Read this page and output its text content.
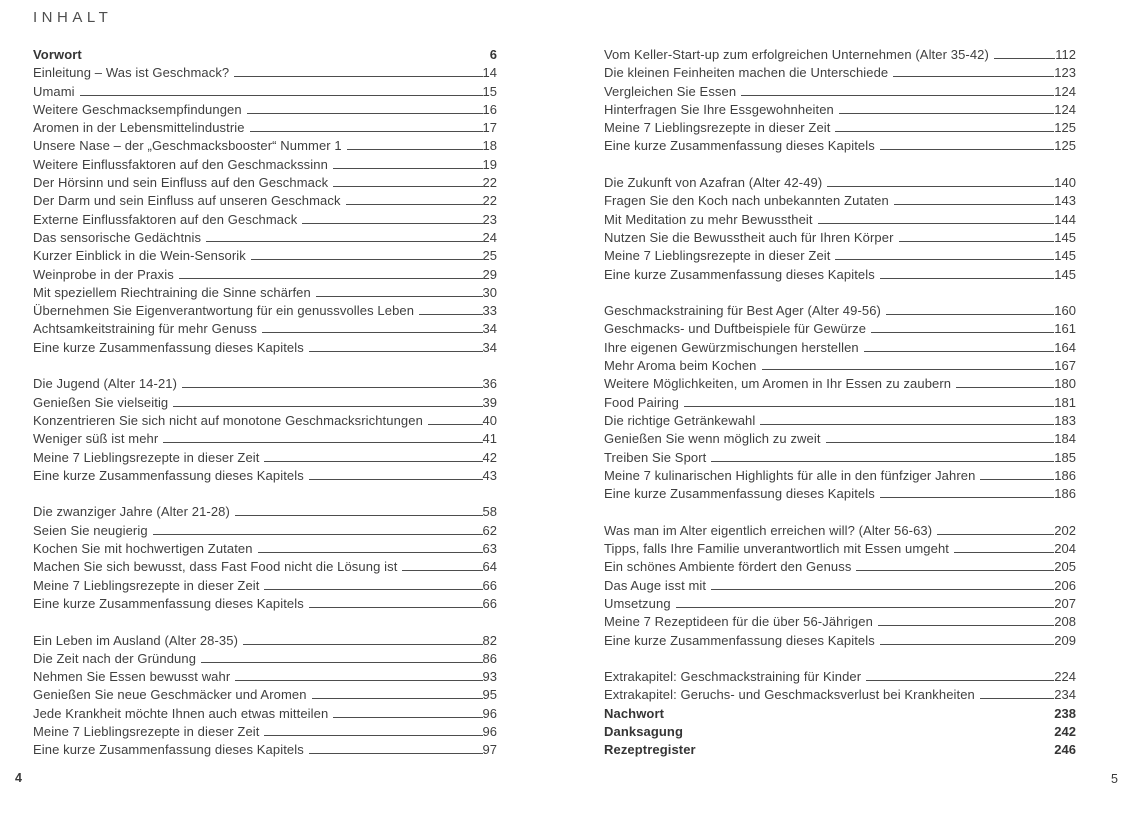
INHALT
Vorwort	6
Einleitung – Was ist Geschmack?	14
Umami	15
Weitere Geschmacksempfindungen	16
Aromen in der Lebensmittelindustrie	17
Unsere Nase – der „Geschmacksbooster“ Nummer 1	18
Weitere Einflussfaktoren auf den Geschmackssinn	19
Der Hörsinn und sein Einfluss auf den Geschmack	22
Der Darm und sein Einfluss auf unseren Geschmack	22
Externe Einflussfaktoren auf den Geschmack	23
Das sensorische Gedächtnis	24
Kurzer Einblick in die Wein-Sensorik	25
Weinprobe in der Praxis	29
Mit speziellem Riechtraining die Sinne schärfen	30
Übernehmen Sie Eigenverantwortung für ein genussvolles Leben	33
Achtsamkeitstraining für mehr Genuss	34
Eine kurze Zusammenfassung dieses Kapitels	34
Die Jugend (Alter 14-21)	36
Genießen Sie vielseitig	39
Konzentrieren Sie sich nicht auf monotone Geschmacksrichtungen	40
Weniger süß ist mehr	41
Meine 7 Lieblingsrezepte in dieser Zeit	42
Eine kurze Zusammenfassung dieses Kapitels	43
Die zwanziger Jahre (Alter 21-28)	58
Seien Sie neugierig	62
Kochen Sie mit hochwertigen Zutaten	63
Machen Sie sich bewusst, dass Fast Food nicht die Lösung ist	64
Meine 7 Lieblingsrezepte in dieser Zeit	66
Eine kurze Zusammenfassung dieses Kapitels	66
Ein Leben im Ausland (Alter 28-35)	82
Die Zeit nach der Gründung	86
Nehmen Sie Essen bewusst wahr	93
Genießen Sie neue Geschmäcker und Aromen	95
Jede Krankheit möchte Ihnen auch etwas mitteilen	96
Meine 7 Lieblingsrezepte in dieser Zeit	96
Eine kurze Zusammenfassung dieses Kapitels	97
Vom Keller-Start-up zum erfolgreichen Unternehmen (Alter 35-42)	112
Die kleinen Feinheiten machen die Unterschiede	123
Vergleichen Sie Essen	124
Hinterfragen Sie Ihre Essgewohnheiten	124
Meine 7 Lieblingsrezepte in dieser Zeit	125
Eine kurze Zusammenfassung dieses Kapitels	125
Die Zukunft von Azafran (Alter 42-49)	140
Fragen Sie den Koch nach unbekannten Zutaten	143
Mit Meditation zu mehr Bewusstheit	144
Nutzen Sie die Bewusstheit auch für Ihren Körper	145
Meine 7 Lieblingsrezepte in dieser Zeit	145
Eine kurze Zusammenfassung dieses Kapitels	145
Geschmackstraining für Best Ager (Alter 49-56)	160
Geschmacks- und Duftbeispiele für Gewürze	161
Ihre eigenen Gewürzmischungen herstellen	164
Mehr Aroma beim Kochen	167
Weitere Möglichkeiten, um Aromen in Ihr Essen zu zaubern	180
Food Pairing	181
Die richtige Getränkewahl	183
Genießen Sie wenn möglich zu zweit	184
Treiben Sie Sport	185
Meine 7 kulinarischen Highlights für alle in den fünfziger Jahren	186
Eine kurze Zusammenfassung dieses Kapitels	186
Was man im Alter eigentlich erreichen will? (Alter 56-63)	202
Tipps, falls Ihre Familie unverantwortlich mit Essen umgeht	204
Ein schönes Ambiente fördert den Genuss	205
Das Auge isst mit	206
Umsetzung	207
Meine 7 Rezeptideen für die über 56-Jährigen	208
Eine kurze Zusammenfassung dieses Kapitels	209
Extrakapitel: Geschmackstraining für Kinder	224
Extrakapitel: Geruchs- und Geschmacksverlust bei Krankheiten	234
Nachwort	238
Danksagung	242
Rezeptregister	246
4	5
